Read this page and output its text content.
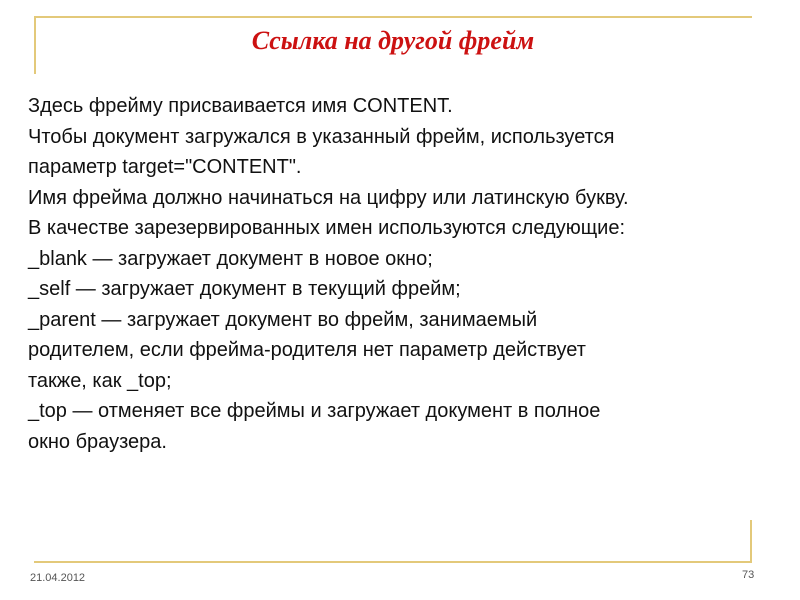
Ссылка на другой фрейм
Здесь фрейму присваивается имя CONTENT.
Чтобы документ загружался в указанный фрейм, используется
параметр target="CONTENT".
Имя фрейма должно начинаться на цифру или латинскую букву.
В качестве зарезервированных имен используются следующие:
_blank — загружает документ в новое окно;
_self — загружает документ в текущий фрейм;
_parent — загружает документ во фрейм, занимаемый
родителем, если фрейма-родителя нет параметр действует
также, как _top;
_top — отменяет все фреймы и загружает документ в полное
окно браузера.
21.04.2012	73
